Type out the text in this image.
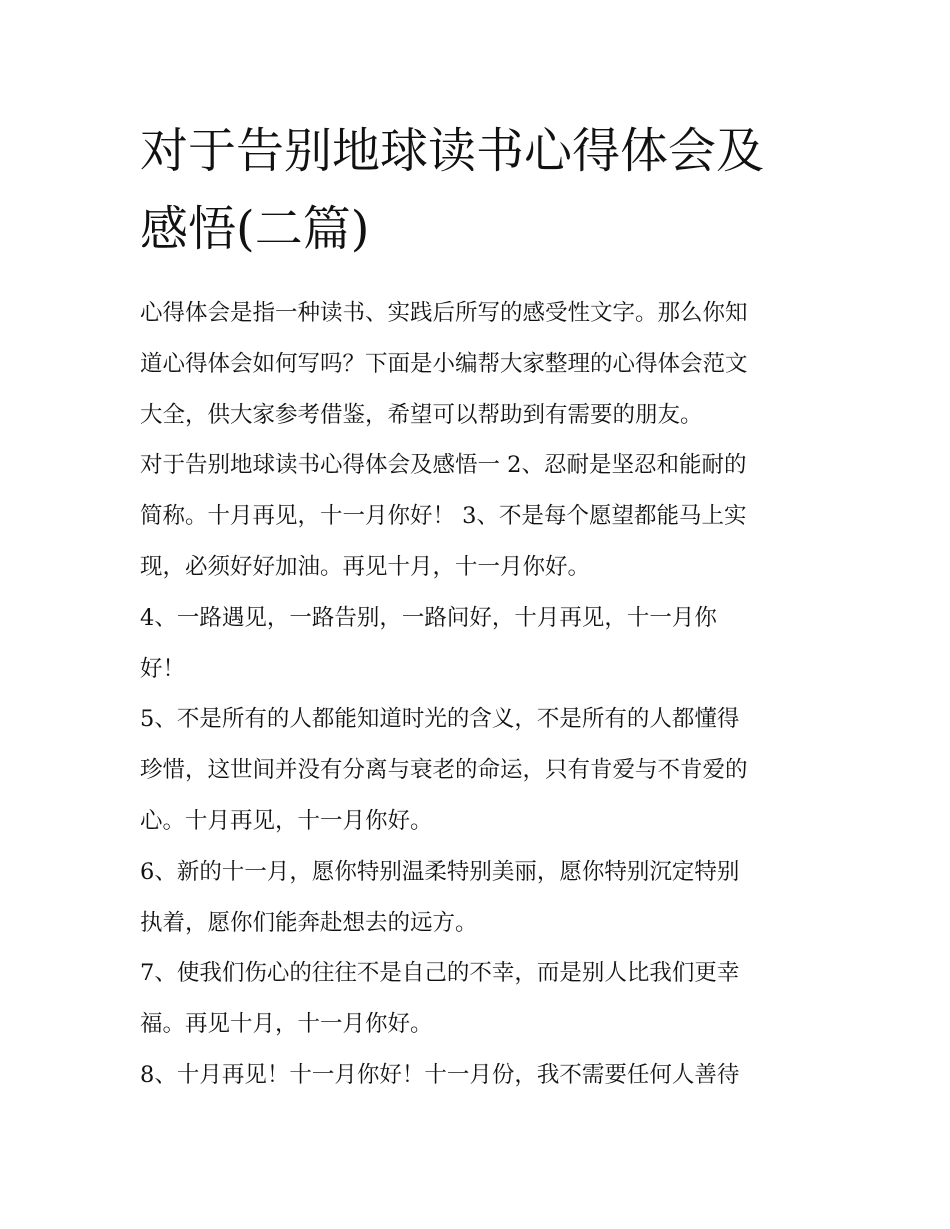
对于告别地球读书心得体会及
感悟(二篇)
心得体会是指一种读书、实践后所写的感受性文字。那么你知
道心得体会如何写吗？下面是小编帮大家整理的心得体会范文
大全，供大家参考借鉴，希望可以帮助到有需要的朋友。
对于告别地球读书心得体会及感悟一 2、忍耐是坚忍和能耐的
简称。十月再见，十一月你好！ 3、不是每个愿望都能马上实
现，必须好好加油。再见十月，十一月你好。
4、一路遇见，一路告别，一路问好，十月再见，十一月你
好！
5、不是所有的人都能知道时光的含义，不是所有的人都懂得
珍惜，这世间并没有分离与衰老的命运，只有肯爱与不肯爱的
心。十月再见，十一月你好。
6、新的十一月，愿你特别温柔特别美丽，愿你特别沉定特别
执着，愿你们能奔赴想去的远方。
7、使我们伤心的往往不是自己的不幸，而是别人比我们更幸
福。再见十月，十一月你好。
8、十月再见！十一月你好！十一月份，我不需要任何人善待
